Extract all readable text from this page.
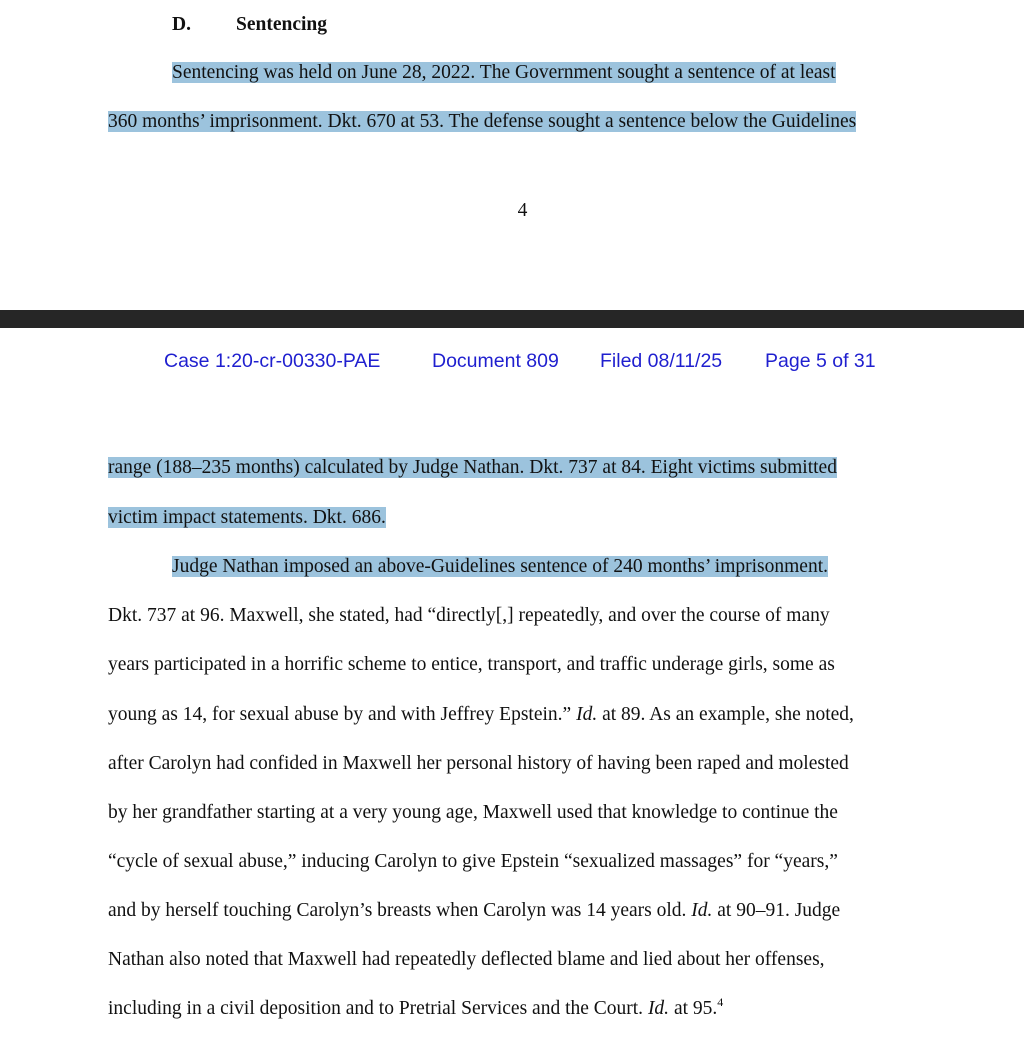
D. Sentencing
Sentencing was held on June 28, 2022. The Government sought a sentence of at least
360 months’ imprisonment. Dkt. 670 at 53. The defense sought a sentence below the Guidelines
4
Case 1:20-cr-00330-PAE	Document 809 Filed 08/11/25 Page 5 of 31
range (188–235 months) calculated by Judge Nathan. Dkt. 737 at 84. Eight victims submitted
victim impact statements. Dkt. 686.
Judge Nathan imposed an above-Guidelines sentence of 240 months’ imprisonment.
Dkt. 737 at 96. Maxwell, she stated, had “directly[,] repeatedly, and over the course of many
years participated in a horrific scheme to entice, transport, and traffic underage girls, some as
young as 14, for sexual abuse by and with Jeffrey Epstein.” Id. at 89. As an example, she noted,
after Carolyn had confided in Maxwell her personal history of having been raped and molested
by her grandfather starting at a very young age, Maxwell used that knowledge to continue the
“cycle of sexual abuse,” inducing Carolyn to give Epstein “sexualized massages” for “years,”
and by herself touching Carolyn’s breasts when Carolyn was 14 years old. Id. at 90–91. Judge
Nathan also noted that Maxwell had repeatedly deflected blame and lied about her offenses,
including in a civil deposition and to Pretrial Services and the Court. Id. at 95.$^4$
